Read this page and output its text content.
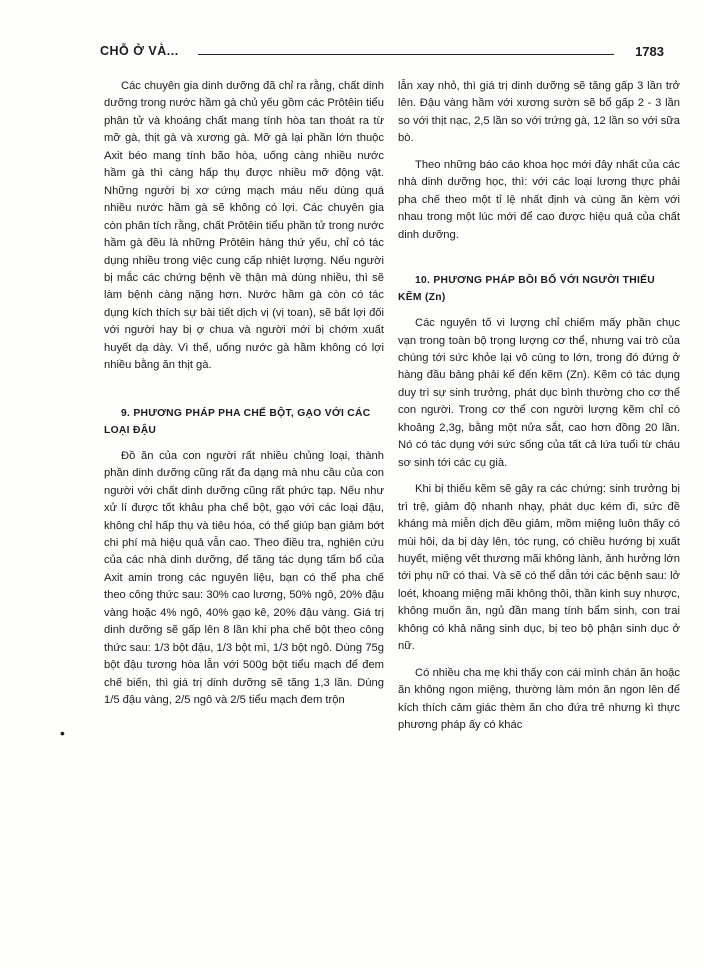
CHỖ Ở VÀ...	1783
•

Các chuyên gia dinh dưỡng đã chỉ ra rằng, chất dinh dưỡng trong nước hầm gà chủ yếu gồm các Prôtêin tiểu phân tử và khoáng chất mang tính hòa tan thoát ra từ mỡ gà, thịt gà và xương gà. Mỡ gà lại phần lớn thuộc Axit béo mang tính bão hòa, uống càng nhiều nước hầm gà thì càng hấp thụ được nhiều mỡ động vật. Những người bị xơ cứng mạch máu nếu dùng quá nhiều nước hầm gà sẽ không có lợi. Các chuyên gia còn phân tích rằng, chất Prôtêin tiểu phần tử trong nước hầm gà đều là những Prôtêin hàng thứ yếu, chỉ có tác dụng nhiều trong việc cung cấp nhiệt lượng. Nếu người bị mắc các chứng bệnh về thận mà dùng nhiều, thì sẽ làm bệnh càng nặng hơn. Nước hầm gà còn có tác dụng kích thích sự bài tiết dịch vị (vị toan), sẽ bất lợi đối với người hay bị ợ chua và người mới bị chớm xuất huyết dạ dày. Vì thế, uống nước gà hầm không có lợi nhiều bằng ăn thịt gà.

9. PHƯƠNG PHÁP PHA CHẾ BỘT, GẠO VỚI CÁC LOẠI ĐẬU

Đồ ăn của con người rất nhiều chủng loại, thành phần dinh dưỡng cũng rất đa dạng mà nhu cầu của con người với chất dinh dưỡng cũng rất phức tạp. Nếu như xử lí được tốt khâu pha chế bột, gạo với các loại đậu, không chỉ hấp thụ và tiêu hóa, có thể giúp bạn giảm bớt chi phí mà hiệu quả vẫn cao. Theo điều tra, nghiên cứu của các nhà dinh dưỡng, để tăng tác dụng tẩm bổ của Axit amin trong các nguyên liệu, bạn có thể pha chế theo công thức sau: 30% cao lương, 50% ngô, 20% đậu vàng hoặc 4% ngô, 40% gạo kê, 20% đậu vàng. Giá trị dinh dưỡng sẽ gấp lên 8 lần khi pha chế bột theo công thức sau: 1/3 bột đậu, 1/3 bột mì, 1/3 bột ngô. Dùng 75g bột đậu tương hòa lẫn với 500g bột tiểu mạch để đem chế biến, thì giá trị dinh dưỡng sẽ tăng 1,3 lần. Dùng 1/5 đậu vàng, 2/5 ngô và 2/5 tiểu mạch đem trộn

lẫn xay nhỏ, thì giá trị dinh dưỡng sẽ tăng gấp 3 lần trở lên. Đậu vàng hầm với xương sườn sẽ bổ gấp 2 - 3 lần so với thịt nạc, 2,5 lần so với trứng gà, 12 lần so với sữa bò.

Theo những báo cáo khoa học mới đây nhất của các nhà dinh dưỡng học, thì: với các loại lương thực phải pha chế theo một tỉ lệ nhất định và cùng ăn kèm với nhau trong một lúc mới để cao được hiệu quả của chất dinh dưỡng.

10. PHƯƠNG PHÁP BỒI BỔ VỚI NGƯỜI THIẾU KẼM (Zn)

Các nguyên tố vi lượng chỉ chiếm mấy phần chục vạn trong toàn bộ trọng lượng cơ thể, nhưng vai trò của chúng tới sức khỏe lại vô cùng to lớn, trong đó đứng ở hàng đầu bảng phải kể đến kẽm (Zn). Kẽm có tác dụng duy trì sự sinh trưởng, phát dục bình thường cho cơ thể con người. Trong cơ thể con người lượng kẽm chỉ có khoảng 2,3g, bằng một nửa sắt, cao hơn đồng 20 lần. Nó có tác dụng với sức sống của tất cả lứa tuổi từ cháu sơ sinh tới các cụ già.

Khi bị thiếu kẽm sẽ gây ra các chứng: sinh trưởng bị trì trệ, giảm độ nhanh nhạy, phát dục kém đi, sức đề kháng mà miễn dịch đều giảm, mồm miệng luôn thấy có mùi hôi, da bị dày lên, tóc rụng, có chiều hướng bị xuất huyết, miệng vết thương mãi không lành, ảnh hưởng lớn tới phụ nữ có thai. Và sẽ có thể dẫn tới các bệnh sau: lở loét, khoang miệng mãi không thôi, thần kinh suy nhược, không muốn ăn, ngủ đần mang tính bẩm sinh, con trai không có khả năng sinh dục, bị teo bộ phận sinh dục ở nữ.

Có nhiều cha mẹ khi thấy con cái mình chán ăn hoặc ăn không ngon miệng, thường làm món ăn ngon lên để kích thích cảm giác thèm ăn cho đứa trẻ nhưng kì thực phương pháp ấy có khác
